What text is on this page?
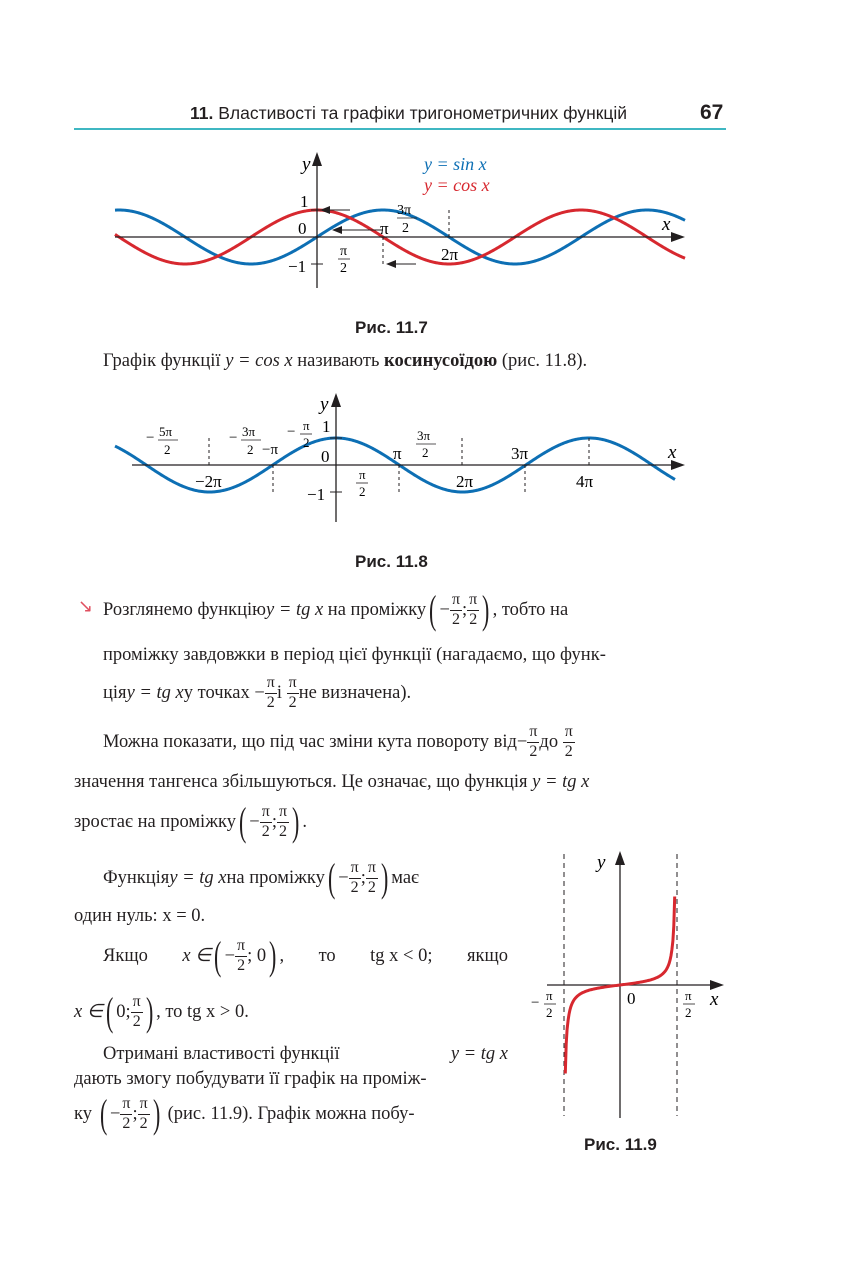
11. Властивості та графіки тригонометричних функцій	67
y
x
y = sin x
y = cos x
1
0
−1
π
3π
2
π
2
2π
Рис. 11.7
Графік функції y = cos x називають косинусоїдою (рис. 11.8).
y
x
− 5π
2
− 3π
2 −π
− π
2
1
0	π
3π
2	3π
−2π
−1
π
2
2π	4π
Рис. 11.8
↘ Розглянемо функцію y = tg x
на проміжку ( − $\frac{\pi}{2}$ ; $\frac{\pi}{2}$ ) , тобто на
проміжку завдовжки в період цієї функції (нагадаємо, що функ-
ція y = tg x у точках
− $\frac{\pi}{2}$ і
$\frac{\pi}{2}$ не визначена).
Можна показати, що під час зміни кута повороту від − $\frac{\pi}{2}$ до
$\frac{\pi}{2}$
значення тангенса збільшуються. Це означає, що функція y = tg x
зростає на проміжку ( − $\frac{\pi}{2}$ ; $\frac{\pi}{2}$ ) .
Функція y = tg x на проміжку ( − $\frac{\pi}{2}$ ; $\frac{\pi}{2}$ ) має
один нуль: x = 0.
Якщо x ∈ ( − $\frac{\pi}{2}$ ; 0 ) , то tg x < 0; якщо
x ∈ ( 0; $\frac{\pi}{2}$ ) , то tg x > 0.
Отримані властивості функції	y = tg x
дають змогу побудувати її графік на проміж-
ку
( − $\frac{\pi}{2}$ ; $\frac{\pi}{2}$ )
(рис. 11.9). Графік можна побу-
y
x
0
− π
2
π
2
Рис. 11.9
